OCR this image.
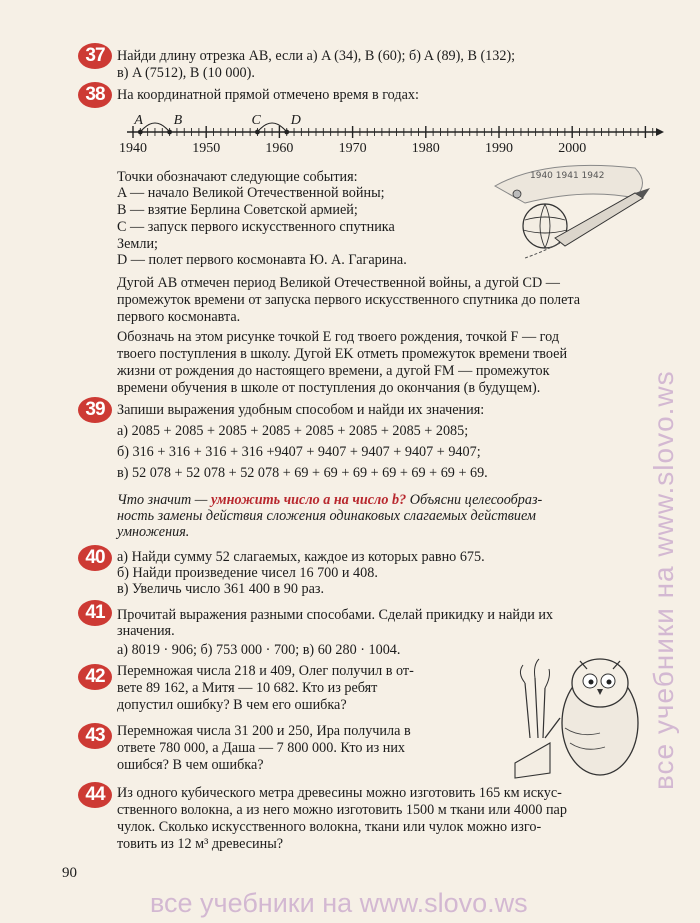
37 Найди длину отрезка AB, если а) A (34), B (60); б) A (89), B (132);
в) A (7512), B (10 000).
38 На координатной прямой отмечено время в годах:
1940	1950	1960	1970	1980	1990	2000
A B	C D
Точки обозначают следующие события:
A — начало Великой Отечественной войны;
B — взятие Берлина Советской армией;
C — запуск первого искусственного спутника
Земли;
D — полет первого космонавта Ю. А. Гагарина.
1940 1941 1942
Дугой AB отмечен период Великой Отечественной войны, а дугой CD —
промежуток времени от запуска первого искусственного спутника до полета
первого космонавта.
Обозначь на этом рисунке точкой E год твоего рождения, точкой F — год
твоего поступления в школу. Дугой EK отметь промежуток времени твоей
жизни от рождения до настоящего времени, а дугой FM — промежуток
времени обучения в школе от поступления до окончания (в будущем).
39 Запиши выражения удобным способом и найди их значения:
а) 2085 + 2085 + 2085 + 2085 + 2085 + 2085 + 2085 + 2085;
б) 316 + 316 + 316 + 316 +9407 + 9407 + 9407 + 9407 + 9407;
в) 52 078 + 52 078 + 52 078 + 69 + 69 + 69 + 69 + 69 + 69 + 69.
Что значит — умножить число a на число b? Объясни целесообраз-
ность замены действия сложения одинаковых слагаемых действием
умножения.
40 а) Найди сумму 52 слагаемых, каждое из которых равно 675.
б) Найди произведение чисел 16 700 и 408.
в) Увеличь число 361 400 в 90 раз.
41 Прочитай выражения разными способами. Сделай прикидку и найди их
значения.
а) 8019 · 906; б) 753 000 · 700; в) 60 280 · 1004.
42 Перемножая числа 218 и 409, Олег получил в от-
вете 89 162, а Митя — 10 682. Кто из ребят
допустил ошибку? В чем его ошибка?
43 Перемножая числа 31 200 и 250, Ира получила в
ответе 780 000, а Даша — 7 800 000. Кто из них
ошибся? В чем ошибка?
44 Из одного кубического метра древесины можно изготовить 165 км искус-
ственного волокна, а из него можно изготовить 1500 м ткани или 4000 пар
чулок. Сколько искусственного волокна, ткани или чулок можно изго-
товить из 12 м³ древесины?
90
все учебники на www.slovo.ws
все учебники на www.slovo.ws
